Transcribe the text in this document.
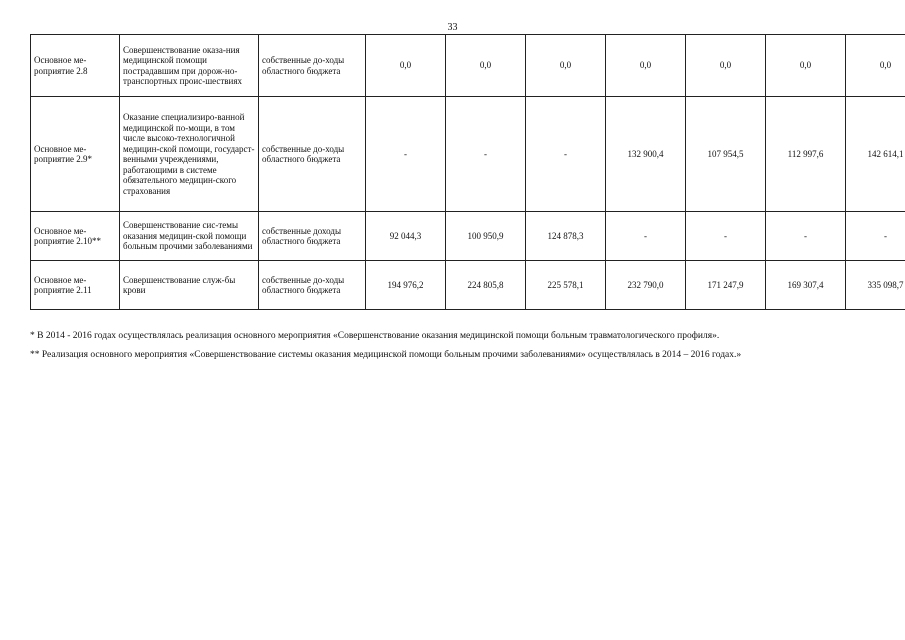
33
Основное ме-роприятие 2.8	Совершенствование оказа-ния медицинской помощи пострадавшим при дорож-но-транспортных проис-шествиях	собственные до-ходы областного бюджета	0,0	0,0	0,0	0,0	0,0	0,0	0,0
Основное ме-роприятие 2.9*	Оказание специализиро-ванной медицинской по-мощи, в том числе высоко-технологичной медицин-ской помощи, государст-венными учреждениями, работающими в системе обязательного медицин-ского страхования	собственные до-ходы областного бюджета	-	-	-	132 900,4	107 954,5	112 997,6	142 614,1
Основное ме-роприятие 2.10**	Совершенствование сис-темы оказания медицин-ской помощи больным прочими заболеваниями	собственные доходы областного бюджета	92 044,3	100 950,9	124 878,3	-	-	-	-
Основное ме-роприятие 2.11	Совершенствование служ-бы крови	собственные до-ходы областного бюджета	194 976,2	224 805,8	225 578,1	232 790,0	171 247,9	169 307,4	335 098,7

* В 2014 - 2016 годах осуществлялась реализация основного мероприятия «Совершенствование оказания медицинской помощи больным травматологического профиля».

** Реализация основного мероприятия «Совершенствование системы оказания медицинской помощи больным прочими заболеваниями» осуществлялась в 2014 – 2016 годах.»
